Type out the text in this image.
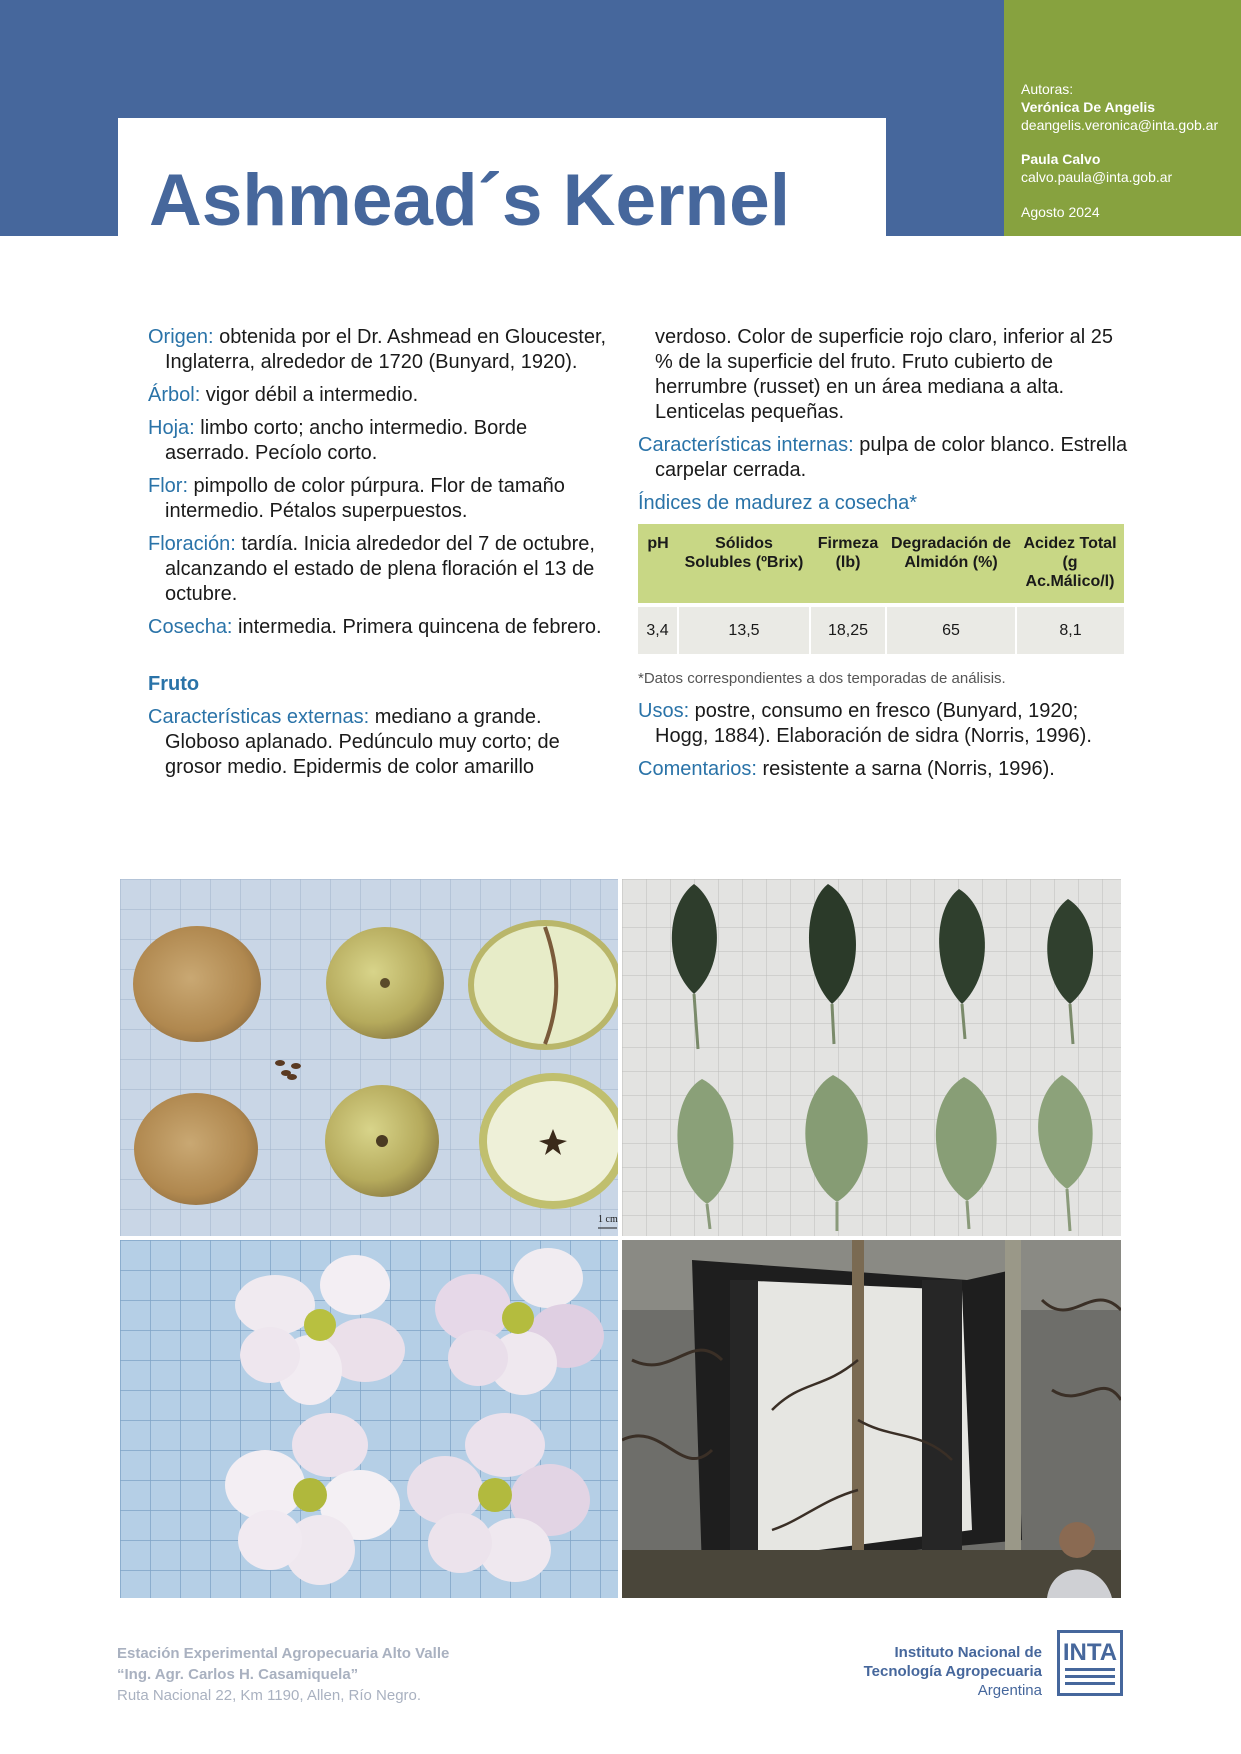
Autoras:
Verónica De Angelis
deangelis.veronica@inta.gob.ar
Paula Calvo
calvo.paula@inta.gob.ar
Agosto 2024
Ashmead´s Kernel
Origen: obtenida por el Dr. Ashmead en Gloucester, Inglaterra, alrededor de 1720 (Bunyard, 1920).
Árbol: vigor débil a intermedio.
Hoja: limbo corto; ancho intermedio. Borde aserrado. Pecíolo corto.
Flor: pimpollo de color púrpura. Flor de tamaño intermedio. Pétalos superpuestos.
Floración: tardía. Inicia alrededor del 7 de octubre, alcanzando el estado de plena floración el 13 de octubre.
Cosecha: intermedia. Primera quincena de febrero.
Fruto
Características externas: mediano a grande. Globoso aplanado. Pedúnculo muy corto; de grosor medio. Epidermis de color amarillo
verdoso. Color de superficie rojo claro, inferior al 25 % de la superficie del fruto. Fruto cubierto de herrumbre (russet) en un área mediana a alta. Lenticelas pequeñas.
Características internas: pulpa de color blanco. Estrella carpelar cerrada.
Índices de madurez a cosecha*
pH	Sólidos Solubles (ºBrix)	Firmeza (lb)	Degradación de Almidón (%)	Acidez Total (g Ac.Málico/l)
3,4	13,5	18,25	65	8,1
*Datos correspondientes a dos temporadas de análisis.
Usos: postre, consumo en fresco (Bunyard, 1920; Hogg, 1884). Elaboración de sidra (Norris, 1996).
Comentarios: resistente a sarna (Norris, 1996).
1 cm
Estación Experimental Agropecuaria Alto Valle
“Ing. Agr. Carlos H. Casamiquela”
Ruta Nacional 22, Km 1190, Allen, Río Negro.
Instituto Nacional de
Tecnología Agropecuaria
Argentina
INTA
